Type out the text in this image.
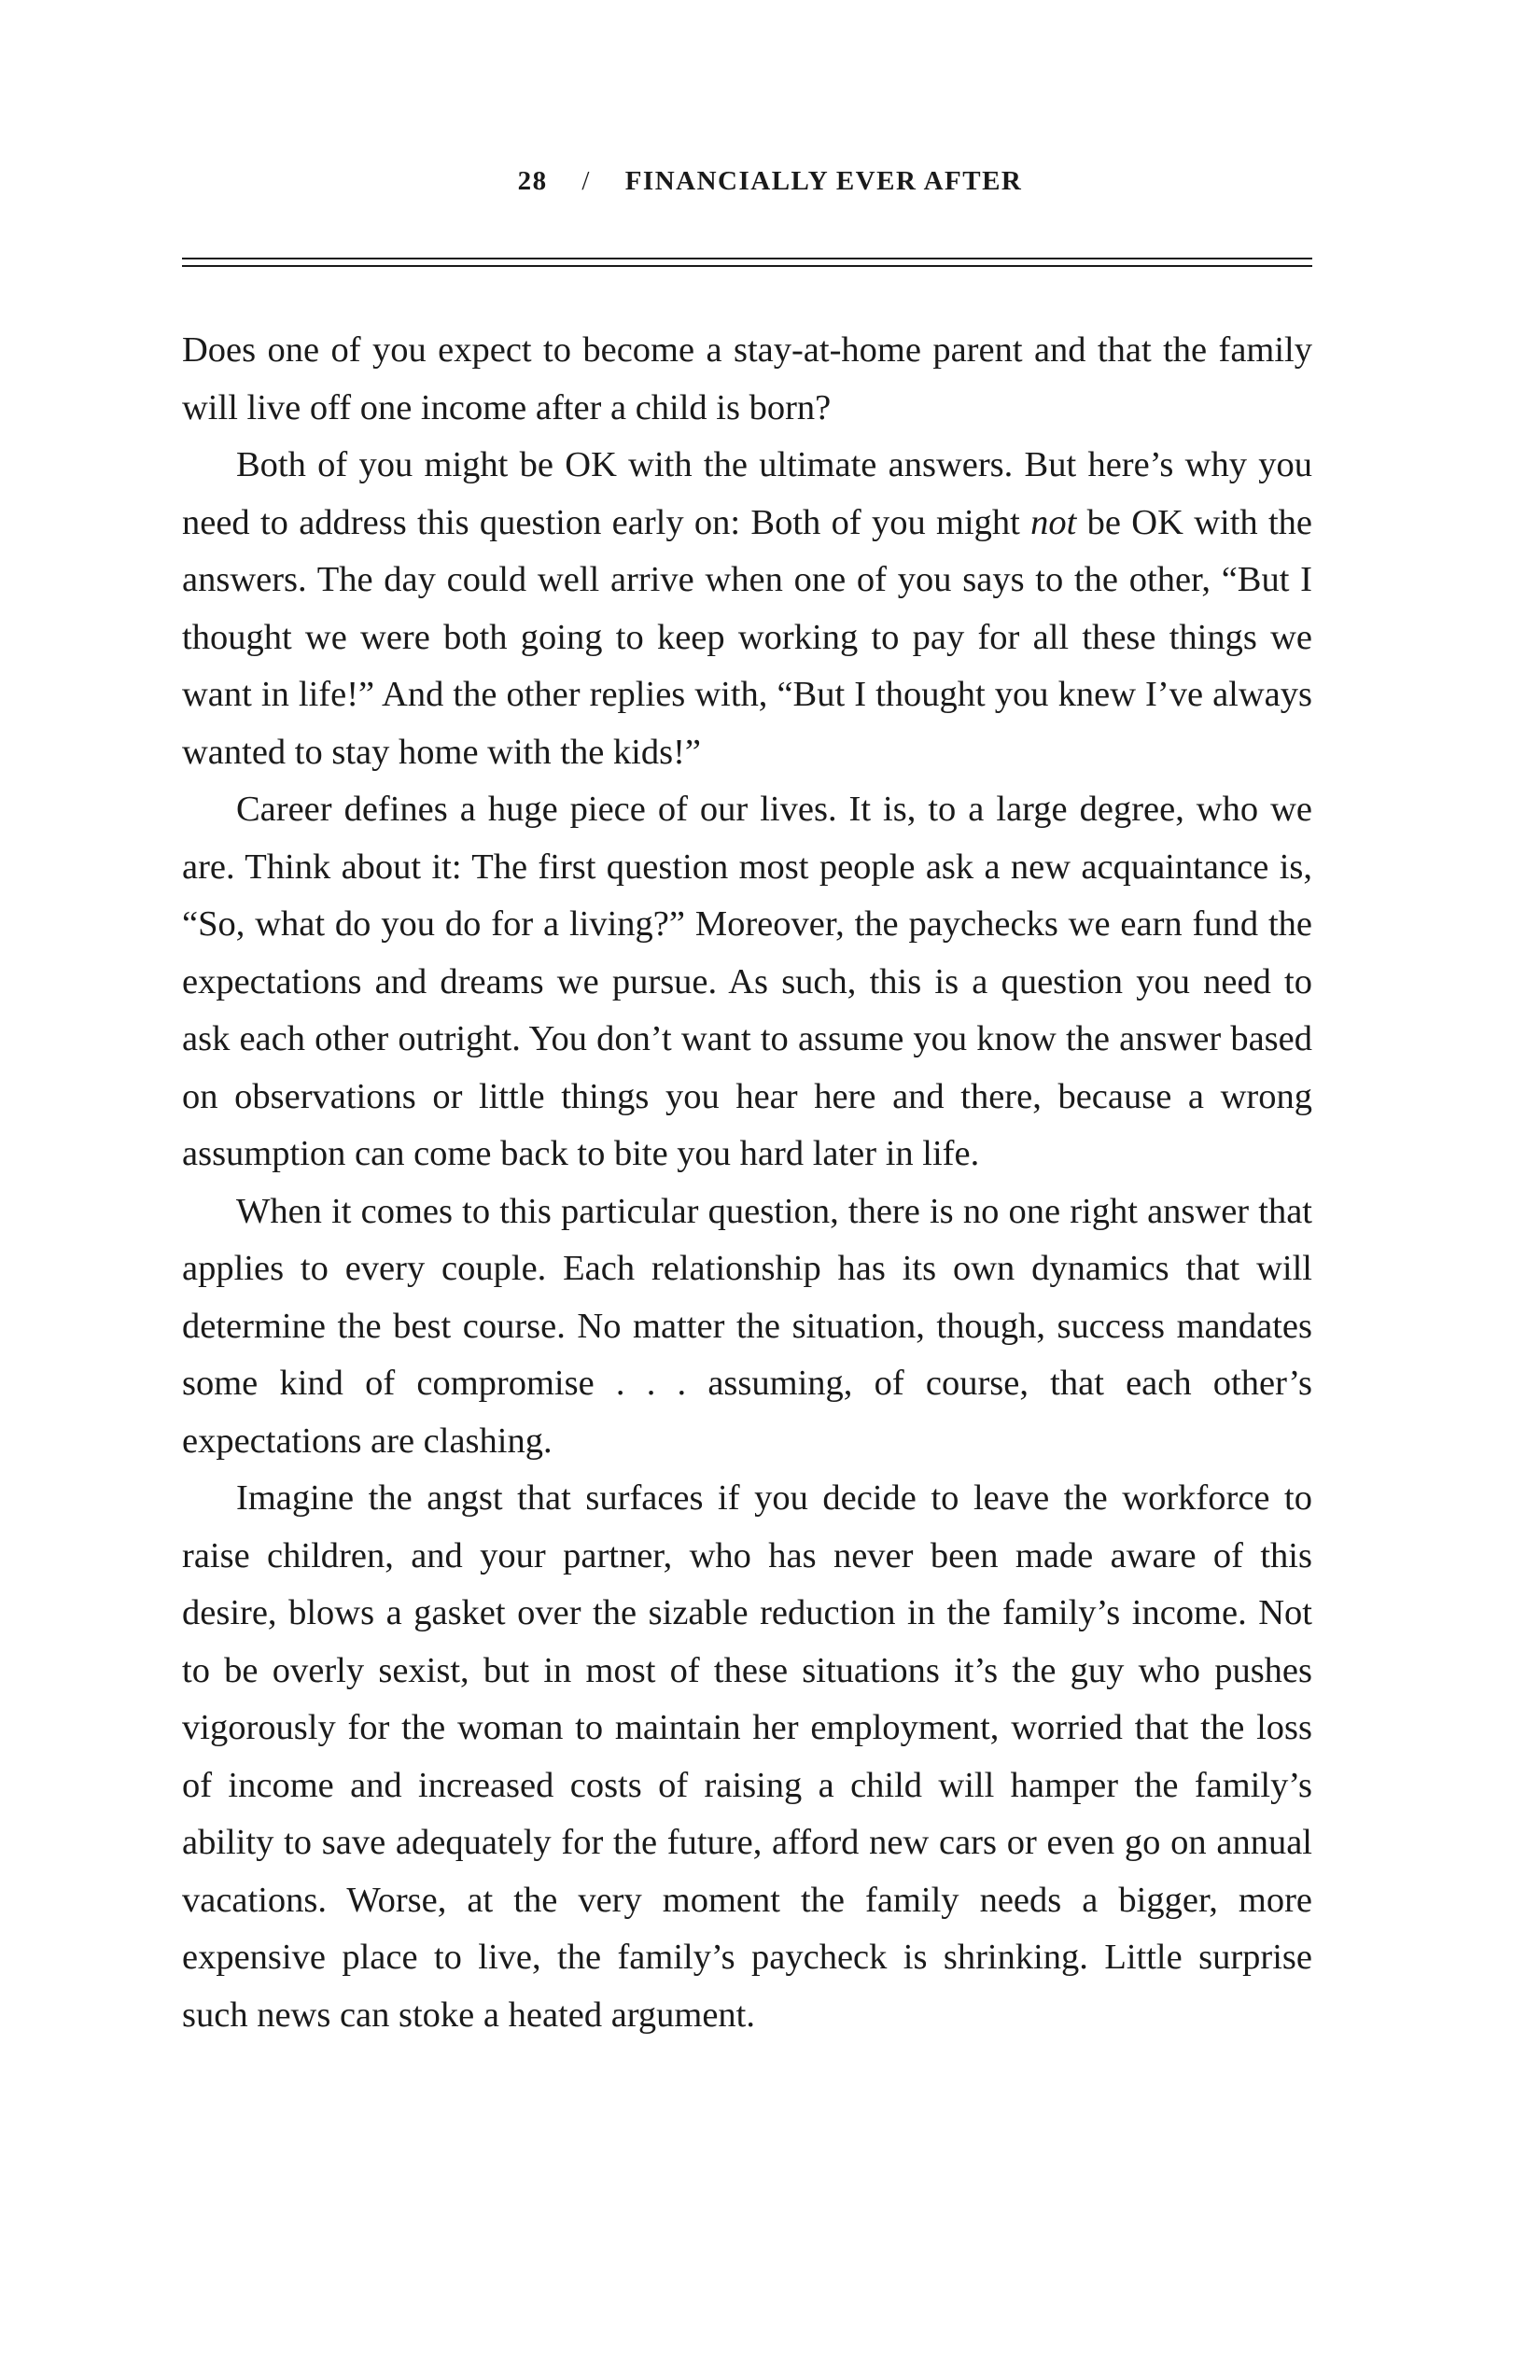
28 / FINANCIALLY EVER AFTER

Does one of you expect to become a stay-at-home parent and that the family will live off one income after a child is born?

Both of you might be OK with the ultimate answers. But here’s why you need to address this question early on: Both of you might not be OK with the answers. The day could well arrive when one of you says to the other, “But I thought we were both going to keep working to pay for all these things we want in life!” And the other replies with, “But I thought you knew I’ve always wanted to stay home with the kids!”

Career defines a huge piece of our lives. It is, to a large degree, who we are. Think about it: The first question most people ask a new acquaintance is, “So, what do you do for a living?” Moreover, the paychecks we earn fund the expectations and dreams we pursue. As such, this is a question you need to ask each other outright. You don’t want to assume you know the answer based on observations or little things you hear here and there, because a wrong assumption can come back to bite you hard later in life.

When it comes to this particular question, there is no one right answer that applies to every couple. Each relationship has its own dynamics that will determine the best course. No matter the situation, though, success mandates some kind of compromise . . . assuming, of course, that each other’s expectations are clashing.

Imagine the angst that surfaces if you decide to leave the workforce to raise children, and your partner, who has never been made aware of this desire, blows a gasket over the sizable reduction in the family’s income. Not to be overly sexist, but in most of these situations it’s the guy who pushes vigorously for the woman to maintain her employment, worried that the loss of income and increased costs of raising a child will hamper the family’s ability to save adequately for the future, afford new cars or even go on annual vacations. Worse, at the very moment the family needs a bigger, more expensive place to live, the family’s paycheck is shrinking. Little surprise such news can stoke a heated argument.
